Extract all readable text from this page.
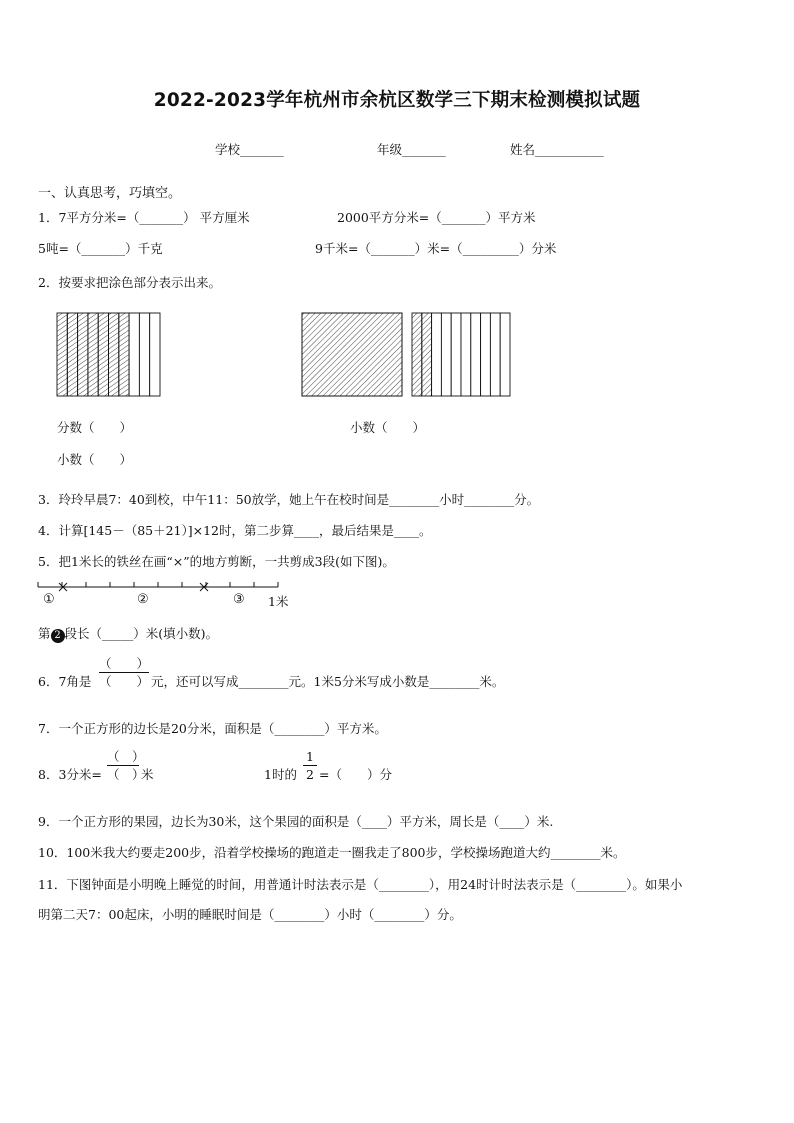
2022-2023学年杭州市余杭区数学三下期末检测模拟试题
学校_______	年级_______	姓名___________
一、认真思考，巧填空。
1．7平方分米=（_______） 平方厘米	2000平方分米=（_______）平方米
5吨=（_______）千克	9千米=（_______）米=（_________）分米
2．按要求把涂色部分表示出来。
分数（　　）	小数（　　）
小数（　　）
3．玲玲早晨7：40到校，中午11：50放学，她上午在校时间是________小时________分。
4．计算[145－（85＋21）]×12时，第二步算____，最后结果是____。
5．把1米长的铁丝在画“×”的地方剪断，一共剪成3段(如下图)。
①	②	③ 1米
第 2 段长（_____）米(填小数)。
6．7角是
（　　）
（　　） 元，还可以写成________元。1米5分米写成小数是________米。
7．一个正方形的边长是20分米，面积是（________）平方米。
8．3分米=
（　）
（　）
米	1时的
1
2 =（　　）分
9．一个正方形的果园，边长为30米，这个果园的面积是（____）平方米，周长是（____）米.
10．100米我大约要走200步，沿着学校操场的跑道走一圈我走了800步，学校操场跑道大约________米。
11．下图钟面是小明晚上睡觉的时间，用普通计时法表示是（________），用24时计时法表示是（________）。如果小
明第二天7：00起床，小明的睡眠时间是（________）小时（________）分。
